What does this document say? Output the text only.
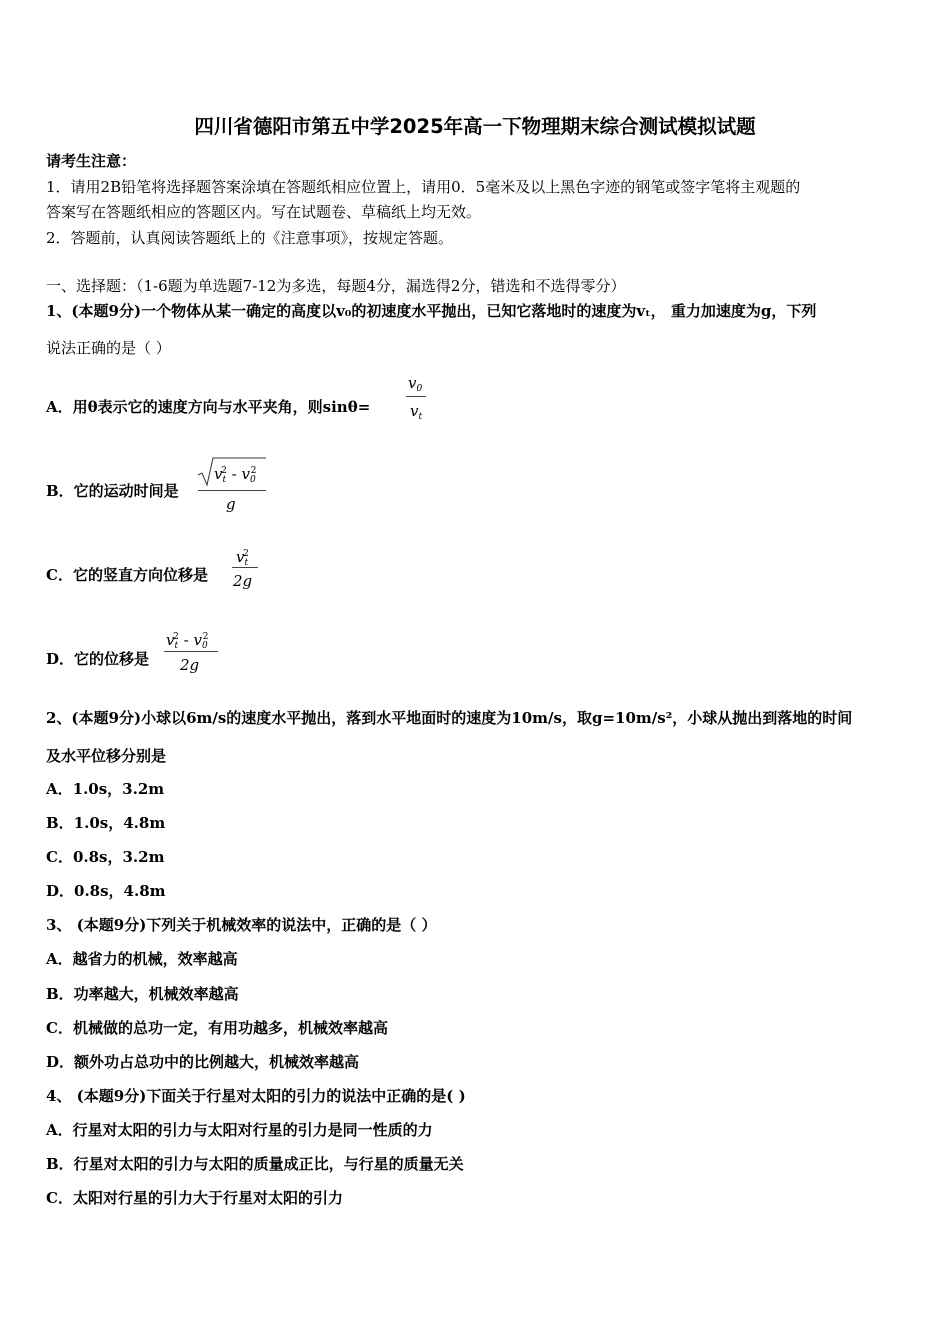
四川省德阳市第五中学2025年高一下物理期末综合测试模拟试题
请考生注意：
1．请用2B铅笔将选择题答案涂填在答题纸相应位置上，请用0．5毫米及以上黑色字迹的钢笔或签字笔将主观题的
答案写在答题纸相应的答题区内。写在试题卷、草稿纸上均无效。
2．答题前，认真阅读答题纸上的《注意事项》，按规定答题。
一、选择题：（1-6题为单选题7-12为多选，每题4分，漏选得2分，错选和不选得零分）
1、(本题9分)一个物体从某一确定的高度以v₀的初速度水平抛出，已知它落地时的速度为vₜ， 重力加速度为g，下列
说法正确的是（ ）
A．用θ表示它的速度方向与水平夹角，则sinθ=
$v_0$
$v_t$
B．它的运动时间是
$v_t^2 - v_0^2$
g
C．它的竖直方向位移是
$v_t^2$
2g
D．它的位移是
$v_t^2 - v_0^2$
2g
2、(本题9分)小球以6m/s的速度水平抛出，落到水平地面时的速度为10m/s，取g=10m/s²，小球从抛出到落地的时间
及水平位移分别是
A．1.0s，3.2m
B．1.0s，4.8m
C．0.8s，3.2m
D．0.8s，4.8m
3、 (本题9分)下列关于机械效率的说法中，正确的是（ ）
A．越省力的机械，效率越高
B．功率越大，机械效率越高
C．机械做的总功一定，有用功越多，机械效率越高
D．额外功占总功中的比例越大，机械效率越高
4、 (本题9分)下面关于行星对太阳的引力的说法中正确的是( )
A．行星对太阳的引力与太阳对行星的引力是同一性质的力
B．行星对太阳的引力与太阳的质量成正比，与行星的质量无关
C．太阳对行星的引力大于行星对太阳的引力
